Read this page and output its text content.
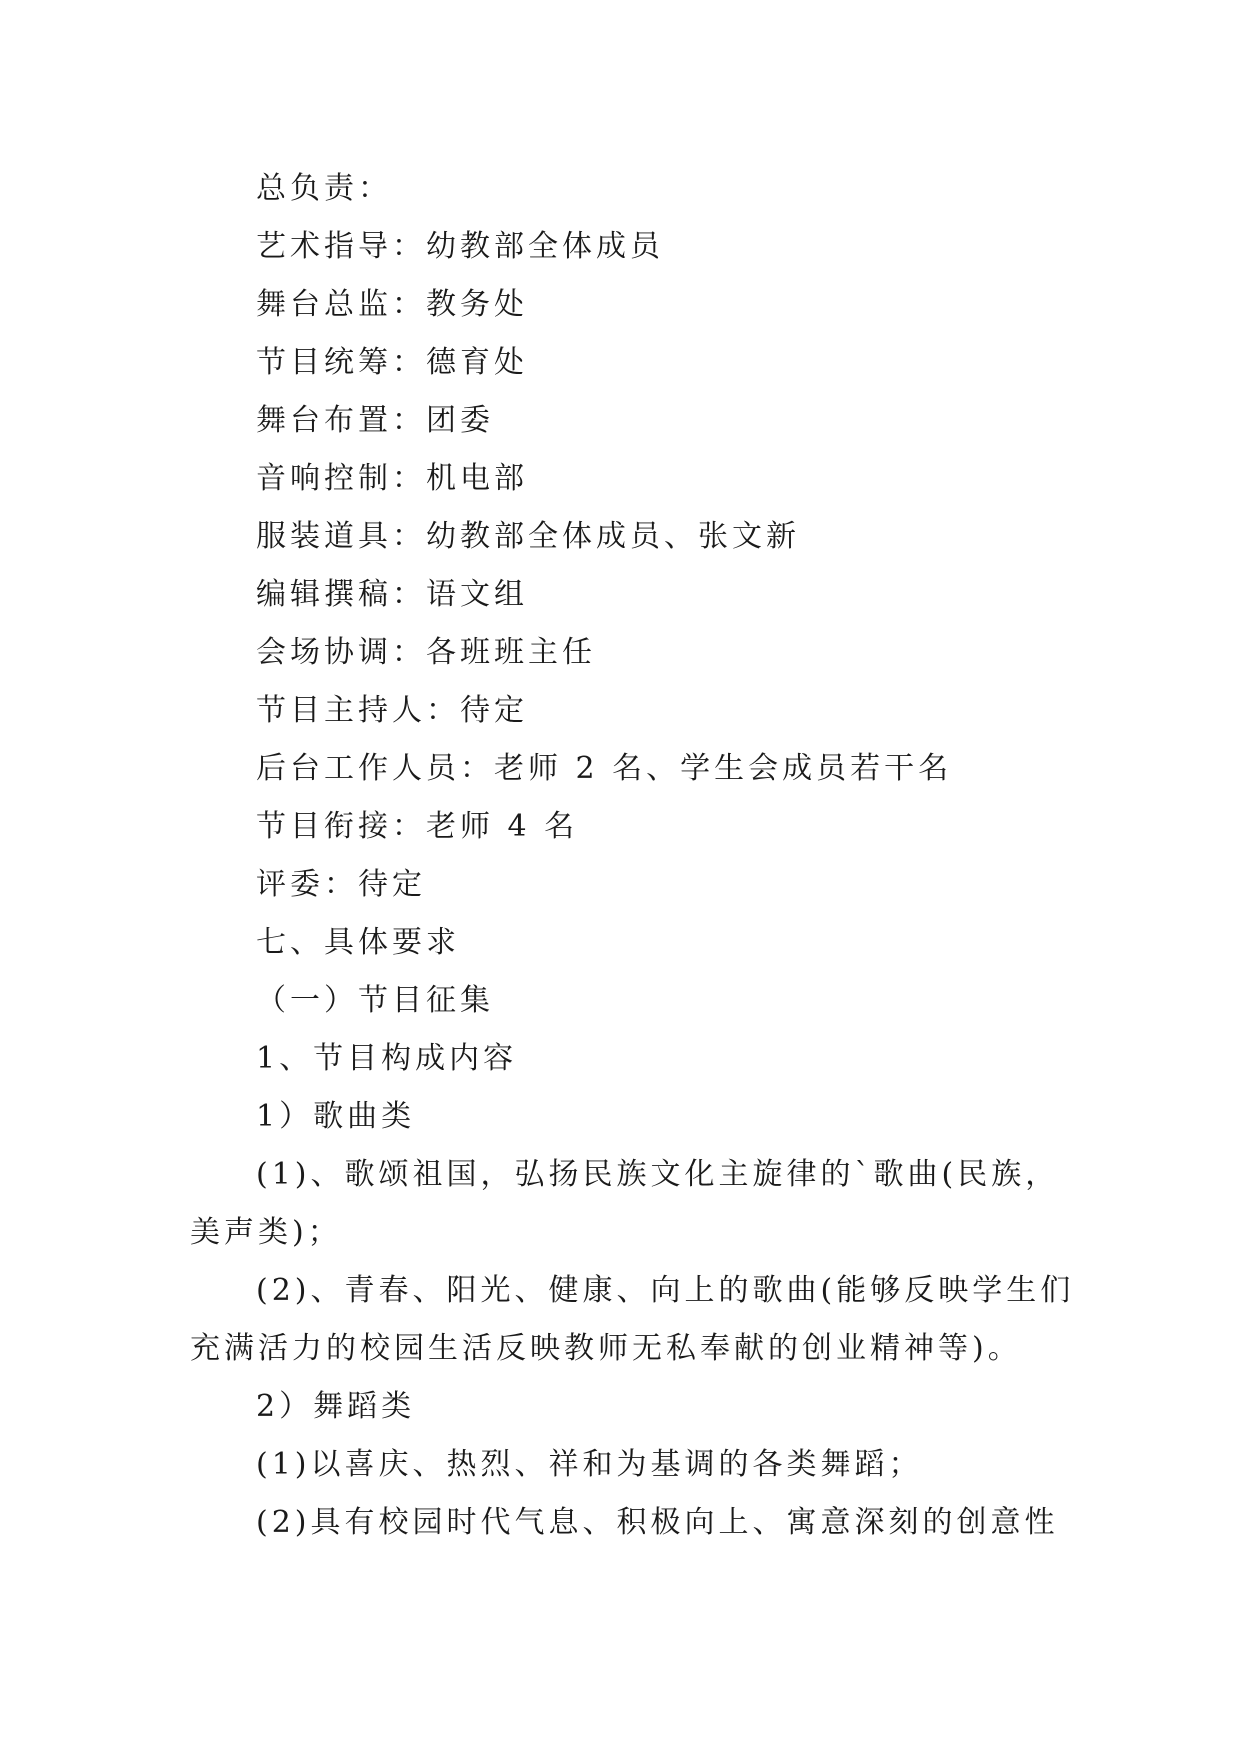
总负责：
艺术指导：幼教部全体成员
舞台总监：教务处
节目统筹：德育处
舞台布置：团委
音响控制：机电部
服装道具：幼教部全体成员、张文新
编辑撰稿：语文组
会场协调：各班班主任
节目主持人：待定
后台工作人员：老师 2 名、学生会成员若干名
节目衔接：老师 4 名
评委：待定
七、具体要求
（一）节目征集
1、节目构成内容
1）歌曲类
(1)、歌颂祖国，弘扬民族文化主旋律的`歌曲(民族，
美声类)；
(2)、青春、阳光、健康、向上的歌曲(能够反映学生们
充满活力的校园生活反映教师无私奉献的创业精神等)。
2）舞蹈类
(1)以喜庆、热烈、祥和为基调的各类舞蹈；
(2)具有校园时代气息、积极向上、寓意深刻的创意性
